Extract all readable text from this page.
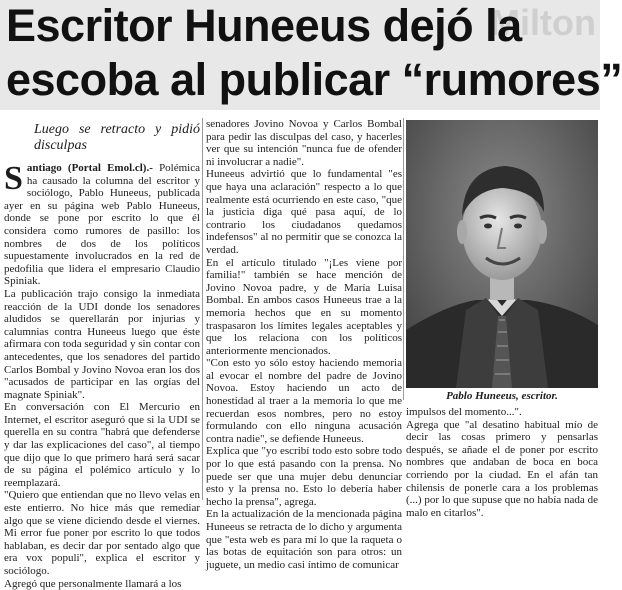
Milton
Escritor Huneeus dejó la
escoba al publicar “rumores”
Luego se retracto y pidió disculpas

Santiago (Portal Emol.cl).- Polémica ha causado la columna del escritor y sociólogo, Pablo Huneeus, publicada ayer en su página web Pablo Huneeus, donde se pone por escrito lo que él considera como rumores de pasillo: los nombres de dos de los políticos supuestamente involucrados en la red de pedofilia que lidera el empresario Claudio Spiniak.

La publicación trajo consigo la inmediata reacción de la UDI donde los senadores aludidos se querellarán por injurias y calumnias contra Huneeus luego que éste afirmara con toda seguridad y sin contar con antecedentes, que los senadores del partido Carlos Bombal y Jovino Novoa eran los dos "acusados de participar en las orgías del magnate Spiniak".

En conversación con El Mercurio en Internet, el escritor aseguró que si la UDI se querella en su contra "habrá que defenderse y dar las explicaciones del caso", al tiempo que dijo que lo que primero hará será sacar de su página el polémico artículo y lo reemplazará.

"Quiero que entiendan que no llevo velas en este entierro. No hice más que remediar algo que se viene diciendo desde el viernes. Mi error fue poner por escrito lo que todos hablaban, es decir dar por sentado algo que era vox populi", explica el escritor y sociólogo.

Agregó que personalmente llamará a los

senadores Jovino Novoa y Carlos Bombal para pedir las disculpas del caso, y hacerles ver que su intención "nunca fue de ofender ni involucrar a nadie".

Huneeus advirtió que lo fundamental "es que haya una aclaración" respecto a lo que realmente está ocurriendo en este caso, "que la justicia diga qué pasa aquí, de lo contrario los ciudadanos quedamos indefensos" al no permitir que se conozca la verdad.

En el artículo titulado "¡Les viene por familia!" también se hace mención de Jovino Novoa padre, y de María Luisa Bombal. En ambos casos Huneeus trae a la memoria hechos que en su momento traspasaron los límites legales aceptables y que los relaciona con los políticos anteriormente mencionados.

"Con esto yo sólo estoy haciendo memoria al evocar el nombre del padre de Jovino Novoa. Estoy haciendo un acto de honestidad al traer a la memoria lo que me recuerdan esos nombres, pero no estoy formulando con ello ninguna acusación contra nadie", se defiende Huneeus.

Explica que "yo escribí todo esto sobre todo por lo que está pasando con la prensa. No puede ser que una mujer debu denunciar esto y la prensa no. Esto lo debería haber hecho la prensa", agrega.

En la actualización de la mencionada página Huneeus se retracta de lo dicho y argumenta que "esta web es para mí lo que la raqueta o las botas de equitación son para otros: un juguete, un medio casi íntimo de comunicar

Pablo Huneeus, escritor.

impulsos del momento...".

Agrega que "al desatino habitual mío de decir las cosas primero y pensarlas después, se añade el de poner por escrito nombres que andaban de boca en boca corriendo por la ciudad. En el afán tan chilensis de ponerle cara a los problemas (...) por lo que supuse que no había nada de malo en citarlos".
